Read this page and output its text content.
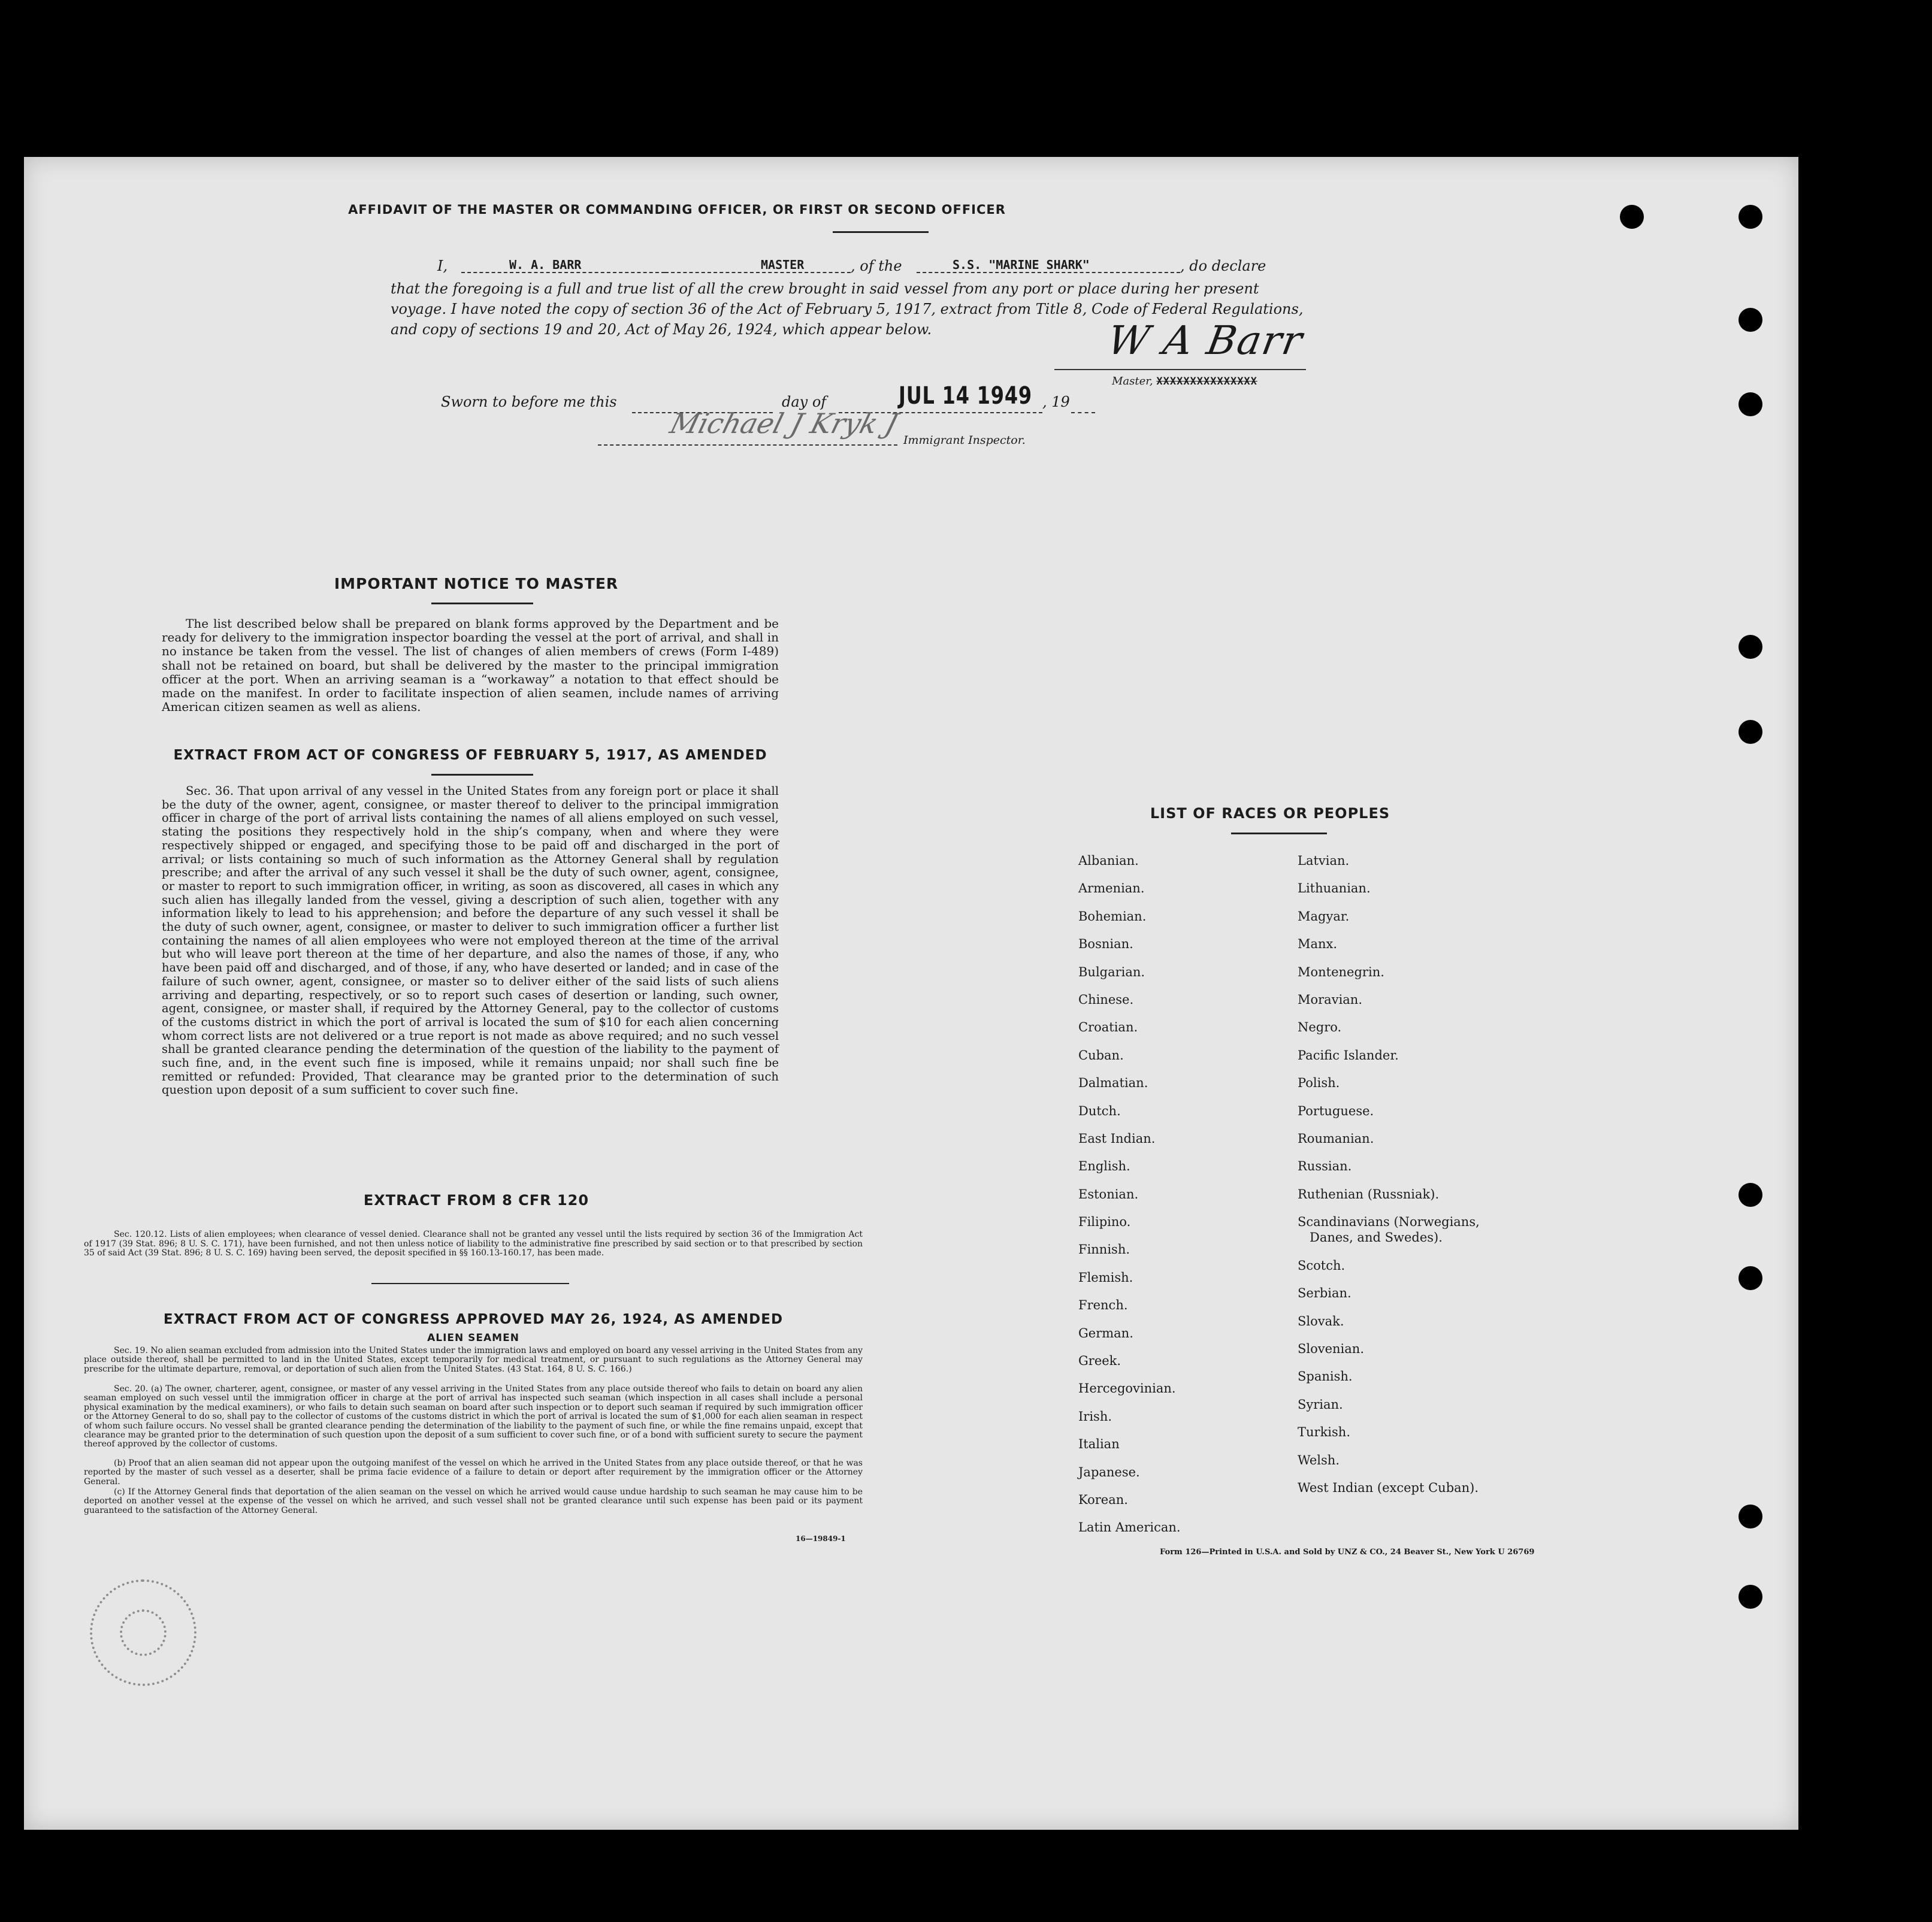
AFFIDAVIT OF THE MASTER OR COMMANDING OFFICER, OR FIRST OR SECOND OFFICER
I,	W. A. BARR	MASTER	, of the	S.S. "MARINE SHARK"	, do declare
that the foregoing is a full and true list of all the crew brought in said vessel from any port or place during her present
voyage. I have noted the copy of section 36 of the Act of February 5, 1917, extract from Title 8, Code of Federal Regulations,
and copy of sections 19 and 20, Act of May 26, 1924, which appear below.	W A Barr
Master, XXXXXXXXXXXXXXX
Sworn to before me this	day of	JUL 14 1949 , 19
Michael J Kryk J
Immigrant Inspector.
IMPORTANT NOTICE TO MASTER
The list described below shall be prepared on blank forms approved by the Department and be ready for delivery to the immigration inspector boarding the vessel at the port of arrival, and shall in no instance be taken from the vessel. The list of changes of alien members of crews (Form I-489) shall not be retained on board, but shall be delivered by the master to the principal immigration officer at the port. When an arriving seaman is a “workaway” a notation to that effect should be made on the manifest. In order to facilitate inspection of alien seamen, include names of arriving American citizen seamen as well as aliens.
EXTRACT FROM ACT OF CONGRESS OF FEBRUARY 5, 1917, AS AMENDED
Sec. 36. That upon arrival of any vessel in the United States from any foreign port or place it shall be the duty of the owner, agent, consignee, or master thereof to deliver to the principal immigration officer in charge of the port of arrival lists containing the names of all aliens employed on such vessel, stating the positions they respectively hold in the ship’s company, when and where they were respectively shipped or engaged, and specifying those to be paid off and discharged in the port of arrival; or lists containing so much of such information as the Attorney General shall by regulation prescribe; and after the arrival of any such vessel it shall be the duty of such owner, agent, consignee, or master to report to such immigration officer, in writing, as soon as discovered, all cases in which any such alien has illegally landed from the vessel, giving a description of such alien, together with any information likely to lead to his apprehension; and before the departure of any such vessel it shall be the duty of such owner, agent, consignee, or master to deliver to such immigration officer a further list containing the names of all alien employees who were not employed thereon at the time of the arrival but who will leave port thereon at the time of her departure, and also the names of those, if any, who have been paid off and discharged, and of those, if any, who have deserted or landed; and in case of the failure of such owner, agent, consignee, or master so to deliver either of the said lists of such aliens arriving and departing, respectively, or so to report such cases of desertion or landing, such owner, agent, consignee, or master shall, if required by the Attorney General, pay to the collector of customs of the customs district in which the port of arrival is located the sum of $10 for each alien concerning whom correct lists are not delivered or a true report is not made as above required; and no such vessel shall be granted clearance pending the determination of the question of the liability to the payment of such fine, and, in the event such fine is imposed, while it remains unpaid; nor shall such fine be remitted or refunded: Provided, That clearance may be granted prior to the determination of such question upon deposit of a sum sufficient to cover such fine.
EXTRACT FROM 8 CFR 120
Sec. 120.12. Lists of alien employees; when clearance of vessel denied. Clearance shall not be granted any vessel until the lists required by section 36 of the Immigration Act of 1917 (39 Stat. 896; 8 U. S. C. 171), have been furnished, and not then unless notice of liability to the administrative fine prescribed by said section or to that prescribed by section 35 of said Act (39 Stat. 896; 8 U. S. C. 169) having been served, the deposit specified in §§ 160.13-160.17, has been made.
EXTRACT FROM ACT OF CONGRESS APPROVED MAY 26, 1924, AS AMENDED
ALIEN SEAMEN
Sec. 19. No alien seaman excluded from admission into the United States under the immigration laws and employed on board any vessel arriving in the United States from any place outside thereof, shall be permitted to land in the United States, except temporarily for medical treatment, or pursuant to such regulations as the Attorney General may prescribe for the ultimate departure, removal, or deportation of such alien from the United States. (43 Stat. 164, 8 U. S. C. 166.)
Sec. 20. (a) The owner, charterer, agent, consignee, or master of any vessel arriving in the United States from any place outside thereof who fails to detain on board any alien seaman employed on such vessel until the immigration officer in charge at the port of arrival has inspected such seaman (which inspection in all cases shall include a personal physical examination by the medical examiners), or who fails to detain such seaman on board after such inspection or to deport such seaman if required by such immigration officer or the Attorney General to do so, shall pay to the collector of customs of the customs district in which the port of arrival is located the sum of $1,000 for each alien seaman in respect of whom such failure occurs. No vessel shall be granted clearance pending the determination of the liability to the payment of such fine, or while the fine remains unpaid, except that clearance may be granted prior to the determination of such question upon the deposit of a sum sufficient to cover such fine, or of a bond with sufficient surety to secure the payment thereof approved by the collector of customs.
(b) Proof that an alien seaman did not appear upon the outgoing manifest of the vessel on which he arrived in the United States from any place outside thereof, or that he was reported by the master of such vessel as a deserter, shall be prima facie evidence of a failure to detain or deport after requirement by the immigration officer or the Attorney General.
(c) If the Attorney General finds that deportation of the alien seaman on the vessel on which he arrived would cause undue hardship to such seaman he may cause him to be deported on another vessel at the expense of the vessel on which he arrived, and such vessel shall not be granted clearance until such expense has been paid or its payment guaranteed to the satisfaction of the Attorney General.
16—19849-1
LIST OF RACES OR PEOPLES
Albanian.
Armenian.
Bohemian.
Bosnian.
Bulgarian.
Chinese.
Croatian.
Cuban.
Dalmatian.
Dutch.
East Indian.
English.
Estonian.
Filipino.
Finnish.
Flemish.
French.
German.
Greek.
Hercegovinian.
Irish.
Italian
Japanese.
Korean.
Latin American.
Latvian.
Lithuanian.
Magyar.
Manx.
Montenegrin.
Moravian.
Negro.
Pacific Islander.
Polish.
Portuguese.
Roumanian.
Russian.
Ruthenian (Russniak).
Scandinavians (Norwegians,
Danes, and Swedes).
Scotch.
Serbian.
Slovak.
Slovenian.
Spanish.
Syrian.
Turkish.
Welsh.
West Indian (except Cuban).
Form 126—Printed in U.S.A. and Sold by UNZ & CO., 24 Beaver St., New York U 26769
